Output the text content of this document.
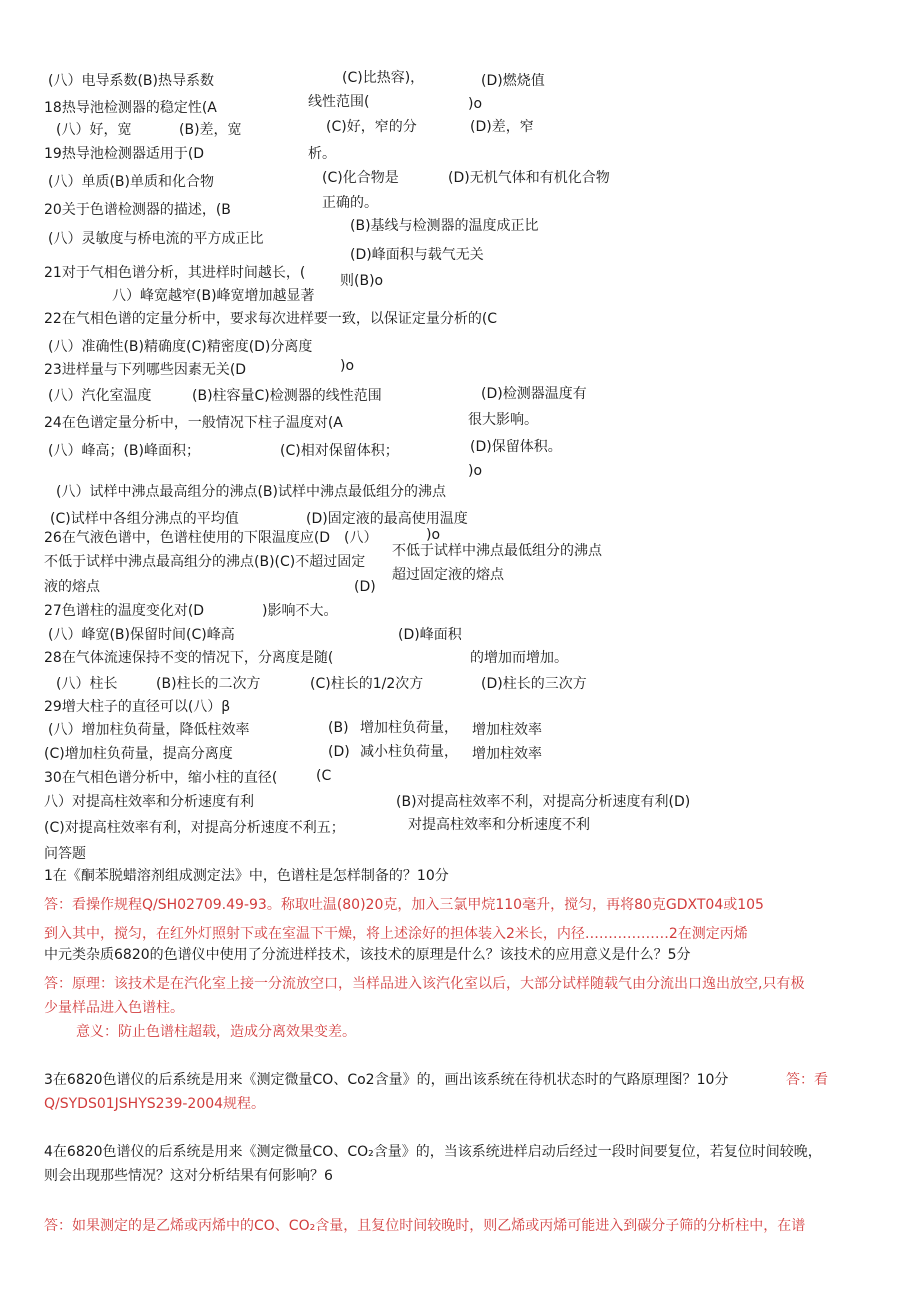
(八）电导系数(B)热导系数	(C)比热容)，	(D)燃烧值
18热导池检测器的稳定性(A	线性范围(	)o
(八）好，宽	(B)差，宽	(C)好，窄的分	(D)差，窄
19热导池检测器适用于(D	析。
(八）单质(B)单质和化合物	(C)化合物是	(D)无机气体和有机化合物
20关于色谱检测器的描述，(B	正确的。
(B)基线与检测器的温度成正比
(八）灵敏度与桥电流的平方成正比
(D)峰面积与载气无关
21对于气相色谱分析，其进样时间越长，( 则(B)o
八）峰宽越窄(B)峰宽增加越显著
22在气相色谱的定量分析中，要求每次进样要一致，以保证定量分析的(C
(八）准确性(B)精确度(C)精密度(D)分离度
)o
23进样量与下列哪些因素无关(D
(八）汽化室温度	(B)柱容量C)检测器的线性范围	(D)检测器温度有
24在色谱定量分析中，一般情况下柱子温度对(A	很大影响。
(八）峰高；(B)峰面积；	(C)相对保留体积；	(D)保留体积。
)o
(八）试样中沸点最高组分的沸点(B)试样中沸点最低组分的沸点
(C)试样中各组分沸点的平均值	(D)固定液的最高使用温度
26在气液色谱中，色谱柱使用的下限温度应(D (八）	)o
不低于试样中沸点最低组分的沸点
不低于试样中沸点最高组分的沸点(B)(C)不超过固定
超过固定液的熔点
液的熔点	(D)
27色谱柱的温度变化对(D	)影响不大。
(八）峰宽(B)保留时间(C)峰高	(D)峰面积
28在气体流速保持不变的情况下，分离度是随(	的增加而增加。
(八）柱长	(B)柱长的二次方	(C)柱长的1/2次方	(D)柱长的三次方
29增大柱子的直径可以(八）β
(八）增加柱负荷量，降低柱效率	(B) 增加柱负荷量， 增加柱效率
(C)增加柱负荷量，提高分离度	(D) 减小柱负荷量， 增加柱效率
30在气相色谱分析中，缩小柱的直径(	(C
八）对提高柱效率和分析速度有利	(B)对提高柱效率不利，对提高分析速度有利(D)
(C)对提高柱效率有利，对提高分析速度不利五；	对提高柱效率和分析速度不利
问答题
1在《酮苯脱蜡溶剂组成测定法》中，色谱柱是怎样制备的？10分
答：看操作规程Q/SH02709.49-93。称取吐温(80)20克，加入三氯甲烷110毫升，搅匀，再将80克GDXT04或105
到入其中，搅匀，在红外灯照射下或在室温下干燥，将上述涂好的担体装入2米长，内径………………2在测定丙烯
中元类杂质6820的色谱仪中使用了分流进样技术，该技术的原理是什么？该技术的应用意义是什么？5分
答：原理：该技术是在汽化室上接一分流放空口，当样品进入该汽化室以后，大部分试样随载气由分流出口逸出放空,只有极
少量样品进入色谱柱。
意义：防止色谱柱超载，造成分离效果变差。
3在6820色谱仪的后系统是用来《测定微量CO、Co2含量》的，画出该系统在待机状态时的气路原理图？10分	答：看
Q/SYDS01JSHYS239-2004规程。
4在6820色谱仪的后系统是用来《测定微量CO、CO₂含量》的，当该系统进样启动后经过一段时间要复位，若复位时间较晚，
则会出现那些情况？这对分析结果有何影响？6
答：如果测定的是乙烯或丙烯中的CO、CO₂含量，且复位时间较晚时，则乙烯或丙烯可能进入到碳分子筛的分析柱中，在谱
